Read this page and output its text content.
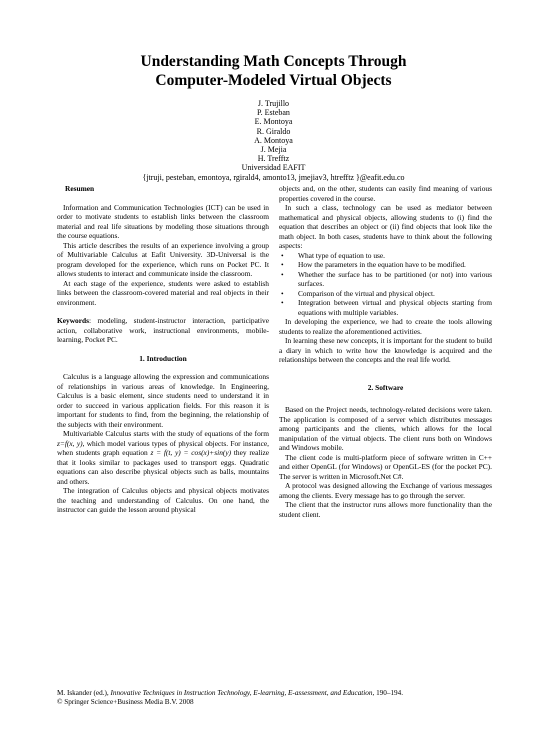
Understanding Math Concepts Through
Computer-Modeled Virtual Objects
J. Trujillo
P. Esteban
E. Montoya
R. Giraldo
A. Montoya
J. Mejia
H. Trefftz
Universidad EAFIT
{jtruji, pesteban, emontoya, rgirald4, amonto13, jmejiav3, htrefftz }@eafit.edu.co
Resumen

Information and Communication Technologies (ICT) can be used in order to motivate students to establish links between the classroom material and real life situations by modeling those situations through the course equations.

This article describes the results of an experience involving a group of Multivariable Calculus at Eafit University. 3D-Universal is the program developed for the experience, which runs on Pocket PC. It allows students to interact and communicate inside the classroom.

At each stage of the experience, students were asked to establish links between the classroom-covered material and real objects in their environment.

Keywords: modeling, student-instructor interaction, participative action, collaborative work, instructional environments, mobile-learning, Pocket PC.

1. Introduction

Calculus is a language allowing the expression and communications of relationships in various areas of knowledge. In Engineering, Calculus is a basic element, since students need to understand it in order to succeed in various application fields. For this reason it is important for students to find, from the beginning, the relationship of the subjects with their environment.

Multivariable Calculus starts with the study of equations of the form z=f(x, y), which model various types of physical objects. For instance, when students graph equation z = f(t, y) = cos(x)+sin(y) they realize that it looks similar to packages used to transport eggs. Quadratic equations can also describe physical objects such as balls, mountains and others.

The integration of Calculus objects and physical objects motivates the teaching and understanding of Calculus. On one hand, the instructor can guide the lesson around physical

objects and, on the other, students can easily find meaning of various properties covered in the course.

In such a class, technology can be used as mediator between mathematical and physical objects, allowing students to (i) find the equation that describes an object or (ii) find objects that look like the math object. In both cases, students have to think about the following aspects:

• What type of equation to use.
• How the parameters in the equation have to be modified.
• Whether the surface has to be partitioned (or not) into various surfaces.
• Comparison of the virtual and physical object.
• Integration between virtual and physical objects starting from equations with multiple variables.

In developing the experience, we had to create the tools allowing students to realize the aforementioned activities.

In learning these new concepts, it is important for the student to build a diary in which to write how the knowledge is acquired and the relationships between the concepts and the real life world.

2. Software

Based on the Project needs, technology-related decisions were taken. The application is composed of a server which distributes messages among participants and the clients, which allows for the local manipulation of the virtual objects. The client runs both on Windows and Windows mobile.

The client code is multi-platform piece of software written in C++ and either OpenGL (for Windows) or OpenGL-ES (for the pocket PC). The server is written in Microsoft.Net C#.

A protocol was designed allowing the Exchange of various messages among the clients. Every message has to go through the server.

The client that the instructor runs allows more functionality than the student client.

M. Iskander (ed.), Innovative Techniques in Instruction Technology, E-learning, E-assessment, and Education, 190–194.
© Springer Science+Business Media B.V. 2008
